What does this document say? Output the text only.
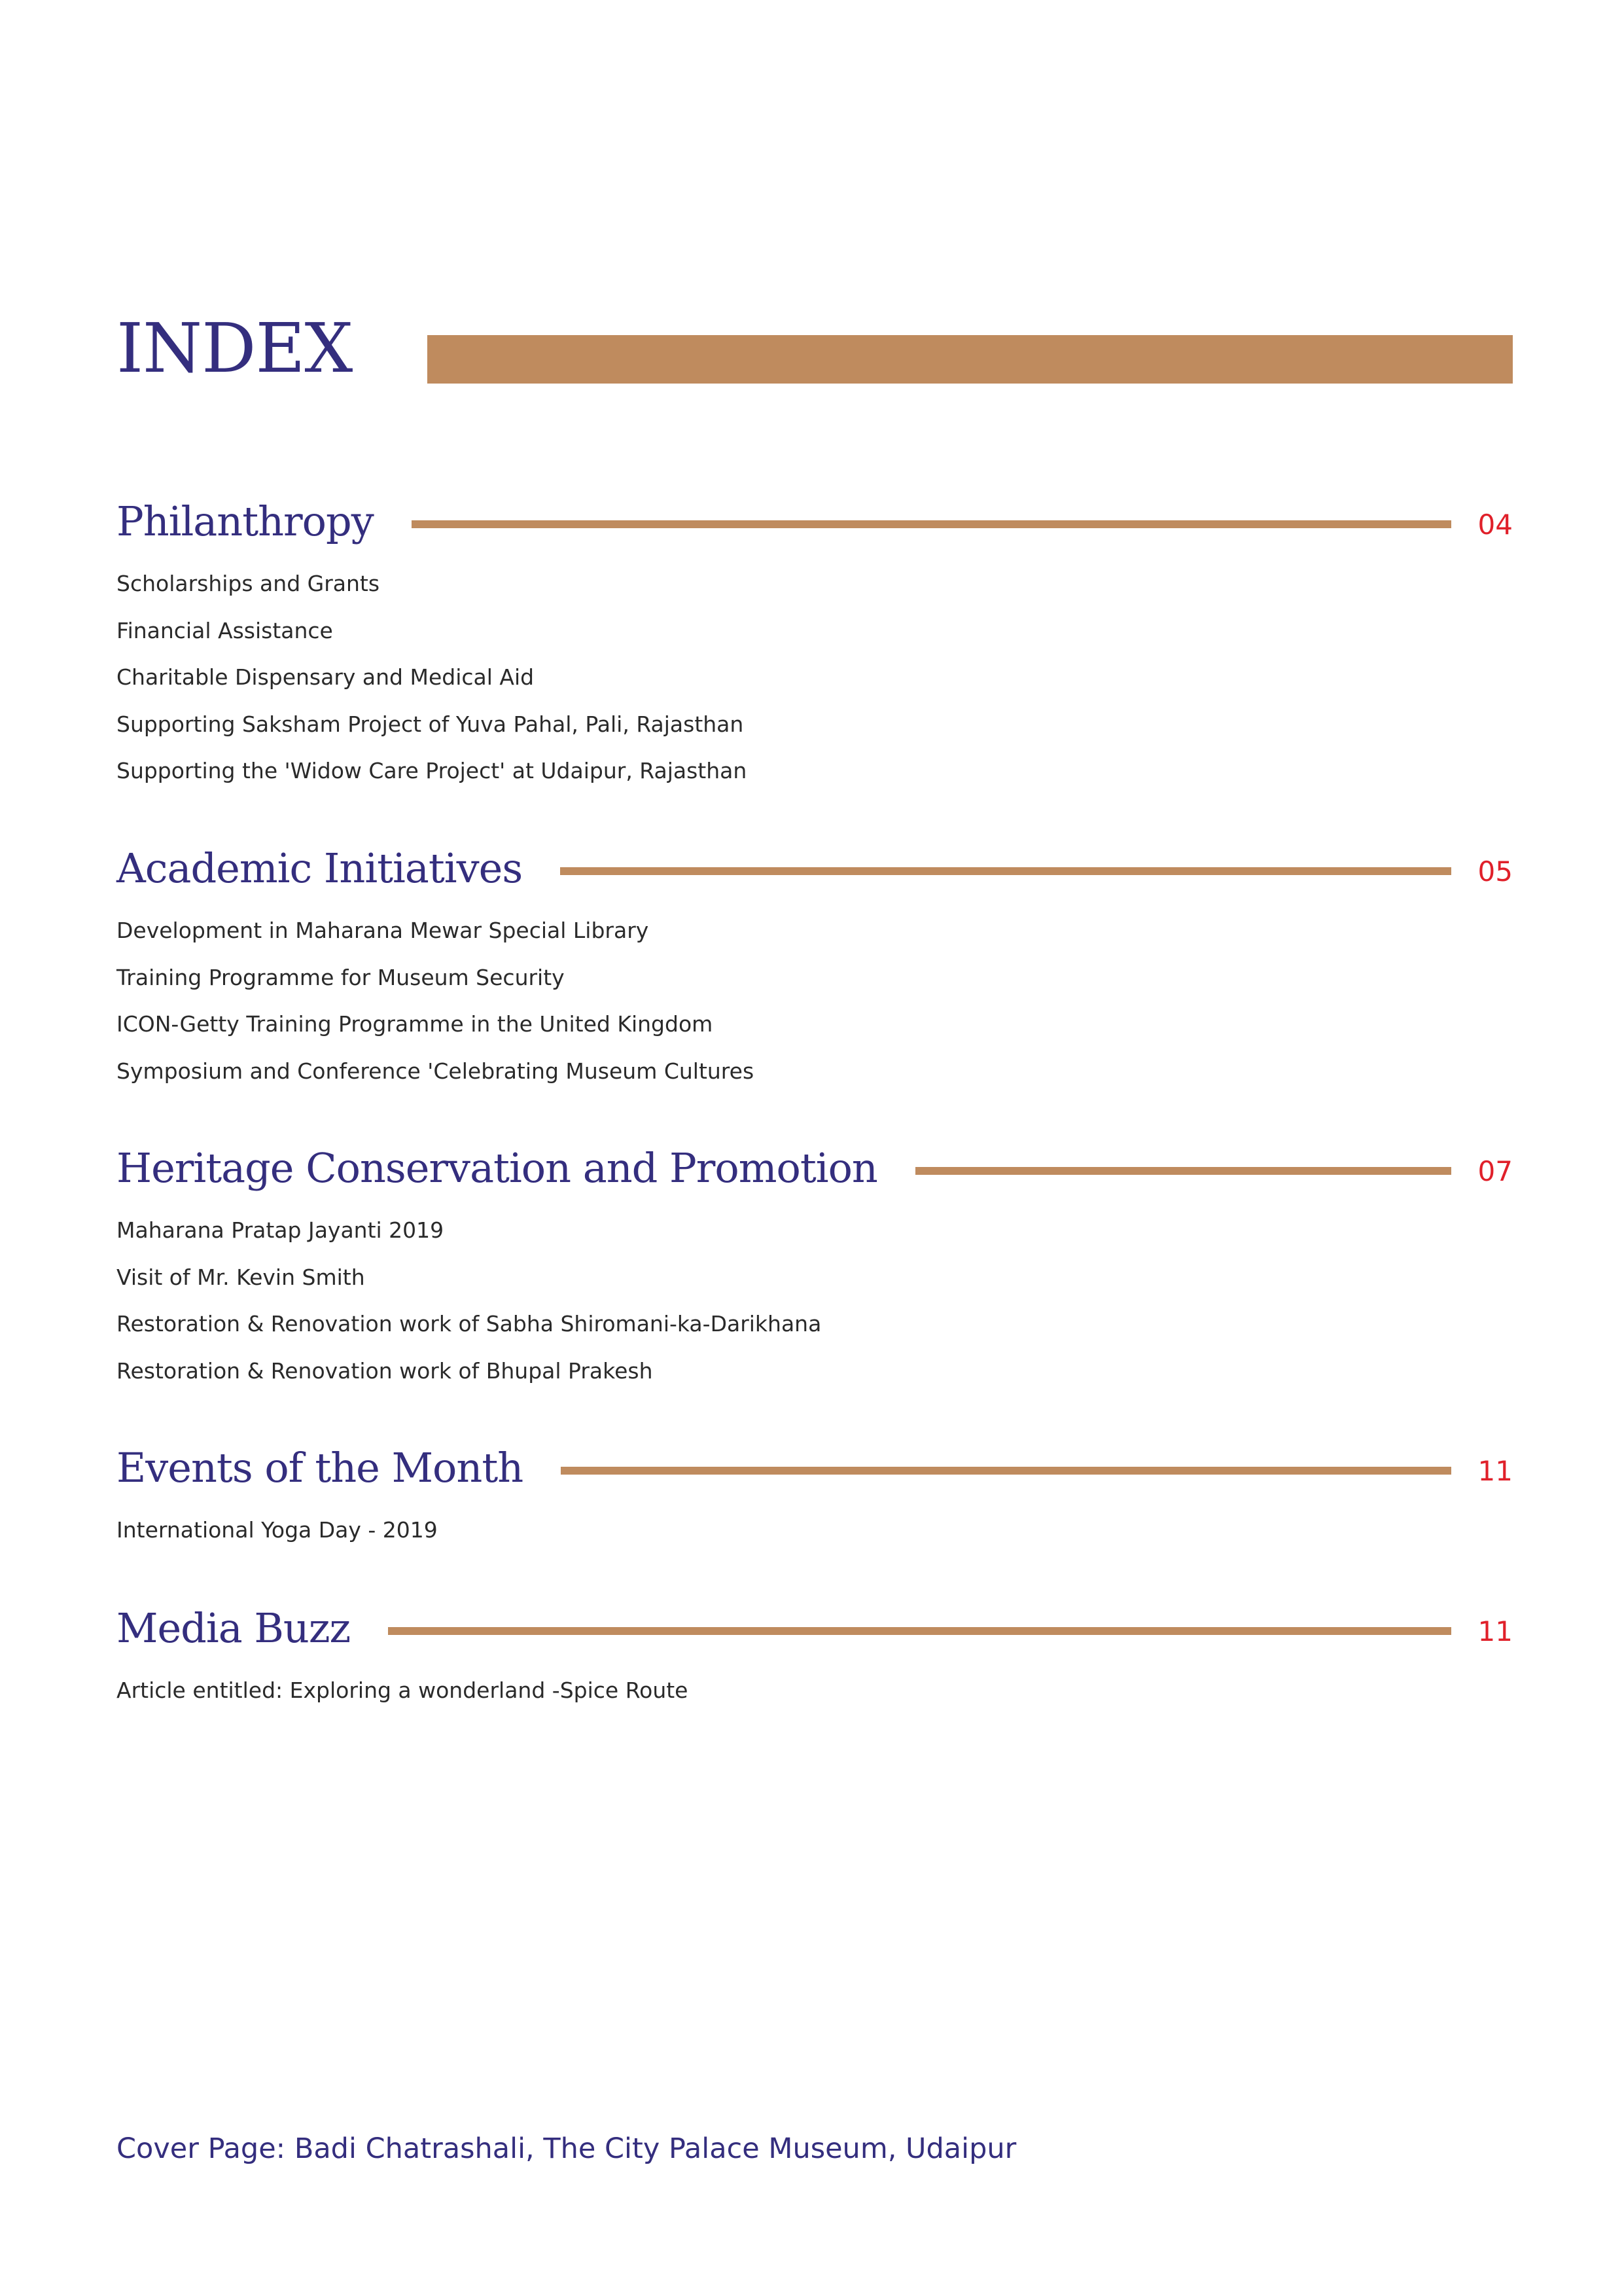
INDEX
Philanthropy	04
Scholarships and Grants
Financial Assistance
Charitable Dispensary and Medical Aid
Supporting Saksham Project of Yuva Pahal, Pali, Rajasthan
Supporting the 'Widow Care Project' at Udaipur, Rajasthan
Academic Initiatives	05
Development in Maharana Mewar Special Library
Training Programme for Museum Security
ICON-Getty Training Programme in the United Kingdom
Symposium and Conference 'Celebrating Museum Cultures
Heritage Conservation and Promotion	07
Maharana Pratap Jayanti 2019
Visit of Mr. Kevin Smith
Restoration & Renovation work of Sabha Shiromani-ka-Darikhana
Restoration & Renovation work of Bhupal Prakesh
Events of the Month	11
International Yoga Day - 2019
Media Buzz	11
Article entitled: Exploring a wonderland -Spice Route
Cover Page: Badi Chatrashali, The City Palace Museum, Udaipur
